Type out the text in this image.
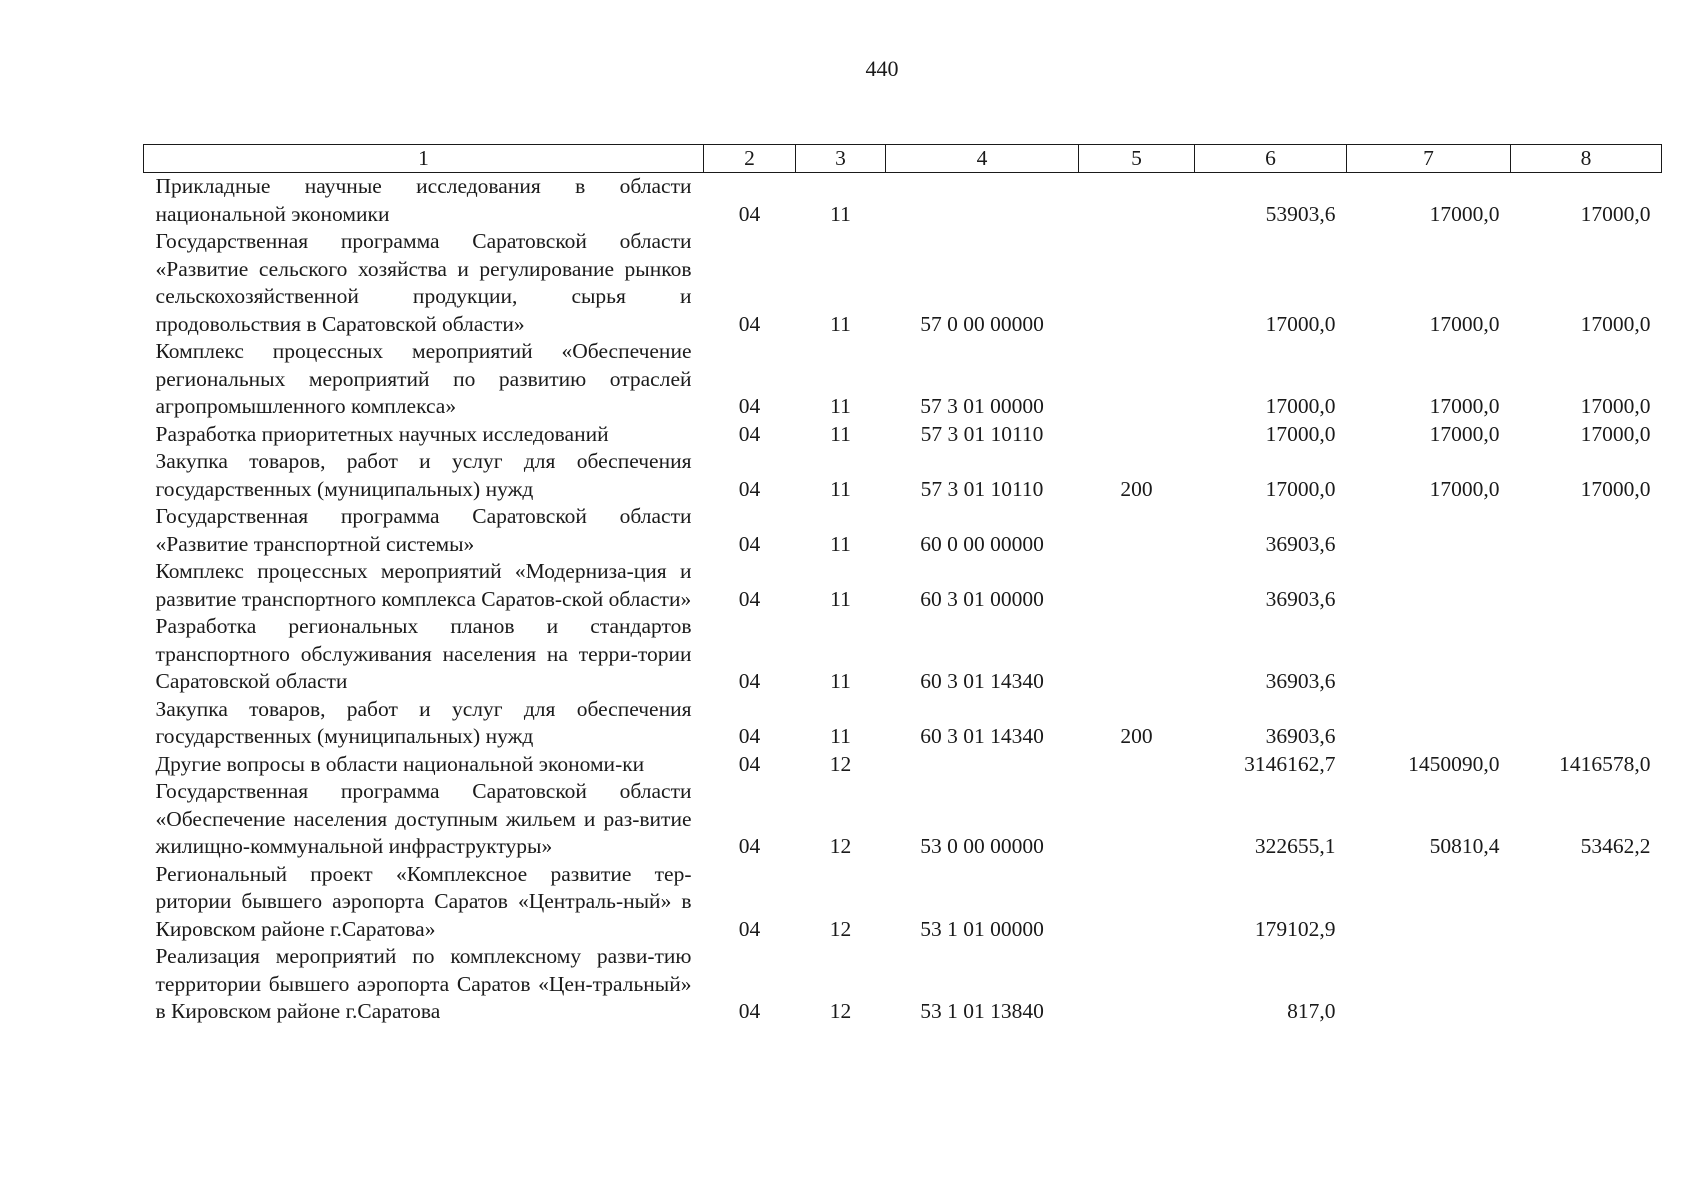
440
1	2	3	4	5	6	7	8
Прикладные научные исследования в области национальной экономики	04	11			53903,6	17000,0	17000,0
Государственная программа Саратовской области «Развитие сельского хозяйства и регулирование рынков сельскохозяйственной продукции, сырья и продовольствия в Саратовской области»	04	11	57 0 00 00000		17000,0	17000,0	17000,0
Комплекс процессных мероприятий «Обеспечение региональных мероприятий по развитию отраслей агропромышленного комплекса»	04	11	57 3 01 00000		17000,0	17000,0	17000,0
Разработка приоритетных научных исследований	04	11	57 3 01 10110		17000,0	17000,0	17000,0
Закупка товаров, работ и услуг для обеспечения государственных (муниципальных) нужд	04	11	57 3 01 10110	200	17000,0	17000,0	17000,0
Государственная программа Саратовской области «Развитие транспортной системы»	04	11	60 0 00 00000		36903,6		
Комплекс процессных мероприятий «Модерниза-ция и развитие транспортного комплекса Саратов-ской области»	04	11	60 3 01 00000		36903,6		
Разработка региональных планов и стандартов транспортного обслуживания населения на терри-тории Саратовской области	04	11	60 3 01 14340		36903,6		
Закупка товаров, работ и услуг для обеспечения государственных (муниципальных) нужд	04	11	60 3 01 14340	200	36903,6		
Другие вопросы в области национальной экономи-ки	04	12			3146162,7	1450090,0	1416578,0
Государственная программа Саратовской области «Обеспечение населения доступным жильем и раз-витие жилищно-коммунальной инфраструктуры»	04	12	53 0 00 00000		322655,1	50810,4	53462,2
Региональный проект «Комплексное развитие тер-ритории бывшего аэропорта Саратов «Централь-ный» в Кировском районе г.Саратова»	04	12	53 1 01 00000		179102,9		
Реализация мероприятий по комплексному разви-тию территории бывшего аэропорта Саратов «Цен-тральный» в Кировском районе г.Саратова	04	12	53 1 01 13840		817,0		
